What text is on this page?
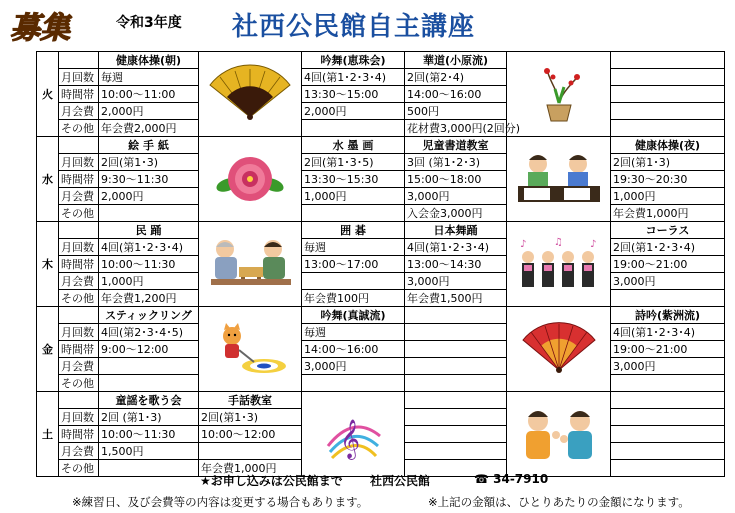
募集	令和3年度 社西公民館自主講座
火		健康体操(朝)		吟舞(恵珠会)	華道(小原流)	

	月回数	毎週		4回(第1･2･3･4)	2回(第2･4)		
	時間帯	10:00～11:00		13:30～15:00	14:00～16:00		
	月会費	2,000円		2,000円	500円		
	その他	年会費2,000円			花材費3,000円(2回分)		
水		絵 手 紙		水 墨 画	児童書道教室		健康体操(夜)
	月回数	2回(第1･3)		2回(第1･3･5)	3回 (第1･2･3)		2回(第1･3)
	時間帯	9:30～11:30		13:30～15:30	15:00～18:00		19:30～20:30
	月会費	2,000円		1,000円	3,000円		1,000円
	その他				入会金3,000円		年会費1,000円
木		民 踊		囲 碁	日本舞踊	♪ ♫ ♪	コーラス
	月回数	4回(第1･2･3･4)		毎週	4回(第1･2･3･4)		2回(第1･2･3･4)
	時間帯	10:00～11:30		13:00～17:00	13:00～14:30		19:00～21:00
	月会費	1,000円			3,000円		3,000円
	その他	年会費1,200円		年会費100円	年会費1,500円		
金		スティックリング		吟舞(真誠流)			詩吟(紫洲流)
	月回数	4回(第2･3･4･5)		毎週			4回(第1･2･3･4)
	時間帯	9:00～12:00		14:00～16:00			19:00～21:00
	月会費			3,000円			3,000円
	その他						
土		童謡を歌う会	手話教室	𝄞

	月回数	2回 (第1･3)	2回(第1･3)				
	時間帯	10:00～11:30	10:00～12:00				
	月会費	1,500円					
	その他		年会費1,000円				
★お申し込みは公民館まで 社西公民館	☎ 34-7910
※練習日、及び会費等の内容は変更する場合もあります。	※上記の金額は、ひとりあたりの金額になります。
